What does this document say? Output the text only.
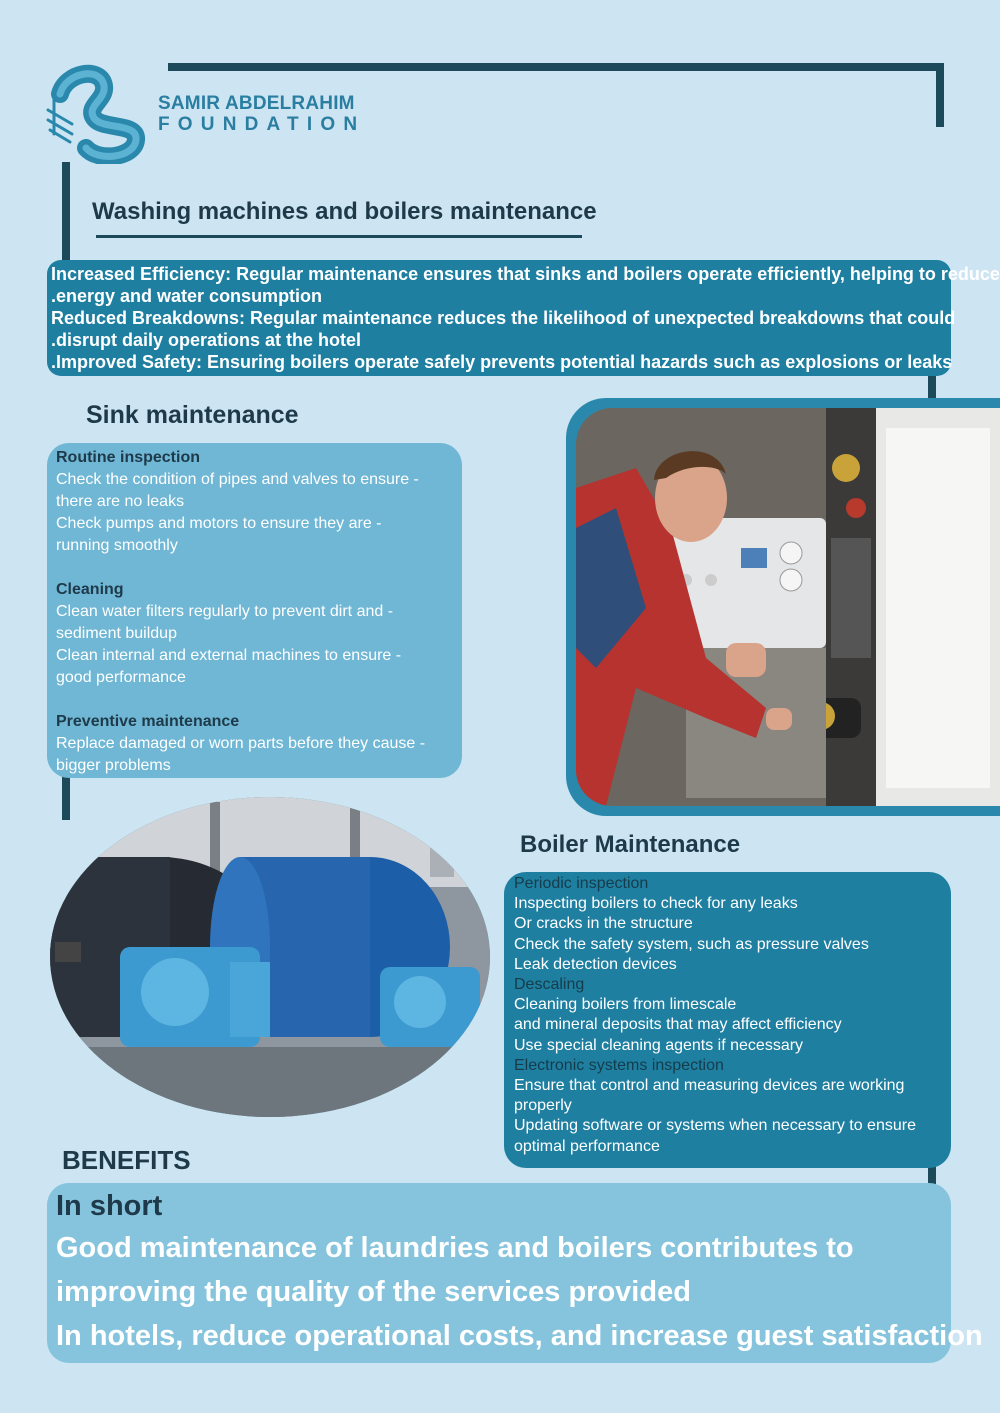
SAMIR ABDELRAHIM
FOUNDATION
Washing machines and boilers maintenance
Increased Efficiency: Regular maintenance ensures that sinks and boilers operate efficiently, helping to reduce
.energy and water consumption
Reduced Breakdowns: Regular maintenance reduces the likelihood of unexpected breakdowns that could
.disrupt daily operations at the hotel
.Improved Safety: Ensuring boilers operate safely prevents potential hazards such as explosions or leaks
Sink maintenance
Routine inspection
Check the condition of pipes and valves to ensure -
there are no leaks
Check pumps and motors to ensure they are -
running smoothly
Cleaning
Clean water filters regularly to prevent dirt and -
sediment buildup
Clean internal and external machines to ensure -
good performance
Preventive maintenance
Replace damaged or worn parts before they cause -
bigger problems
Boiler Maintenance
Periodic inspection
Inspecting boilers to check for any leaks
Or cracks in the structure
Check the safety system, such as pressure valves
Leak detection devices
Descaling
Cleaning boilers from limescale
and mineral deposits that may affect efficiency
Use special cleaning agents if necessary
Electronic systems inspection
Ensure that control and measuring devices are working
properly
Updating software or systems when necessary to ensure
optimal performance
BENEFITS
In short
Good maintenance of laundries and boilers contributes to
improving the quality of the services provided
In hotels, reduce operational costs, and increase guest satisfaction
